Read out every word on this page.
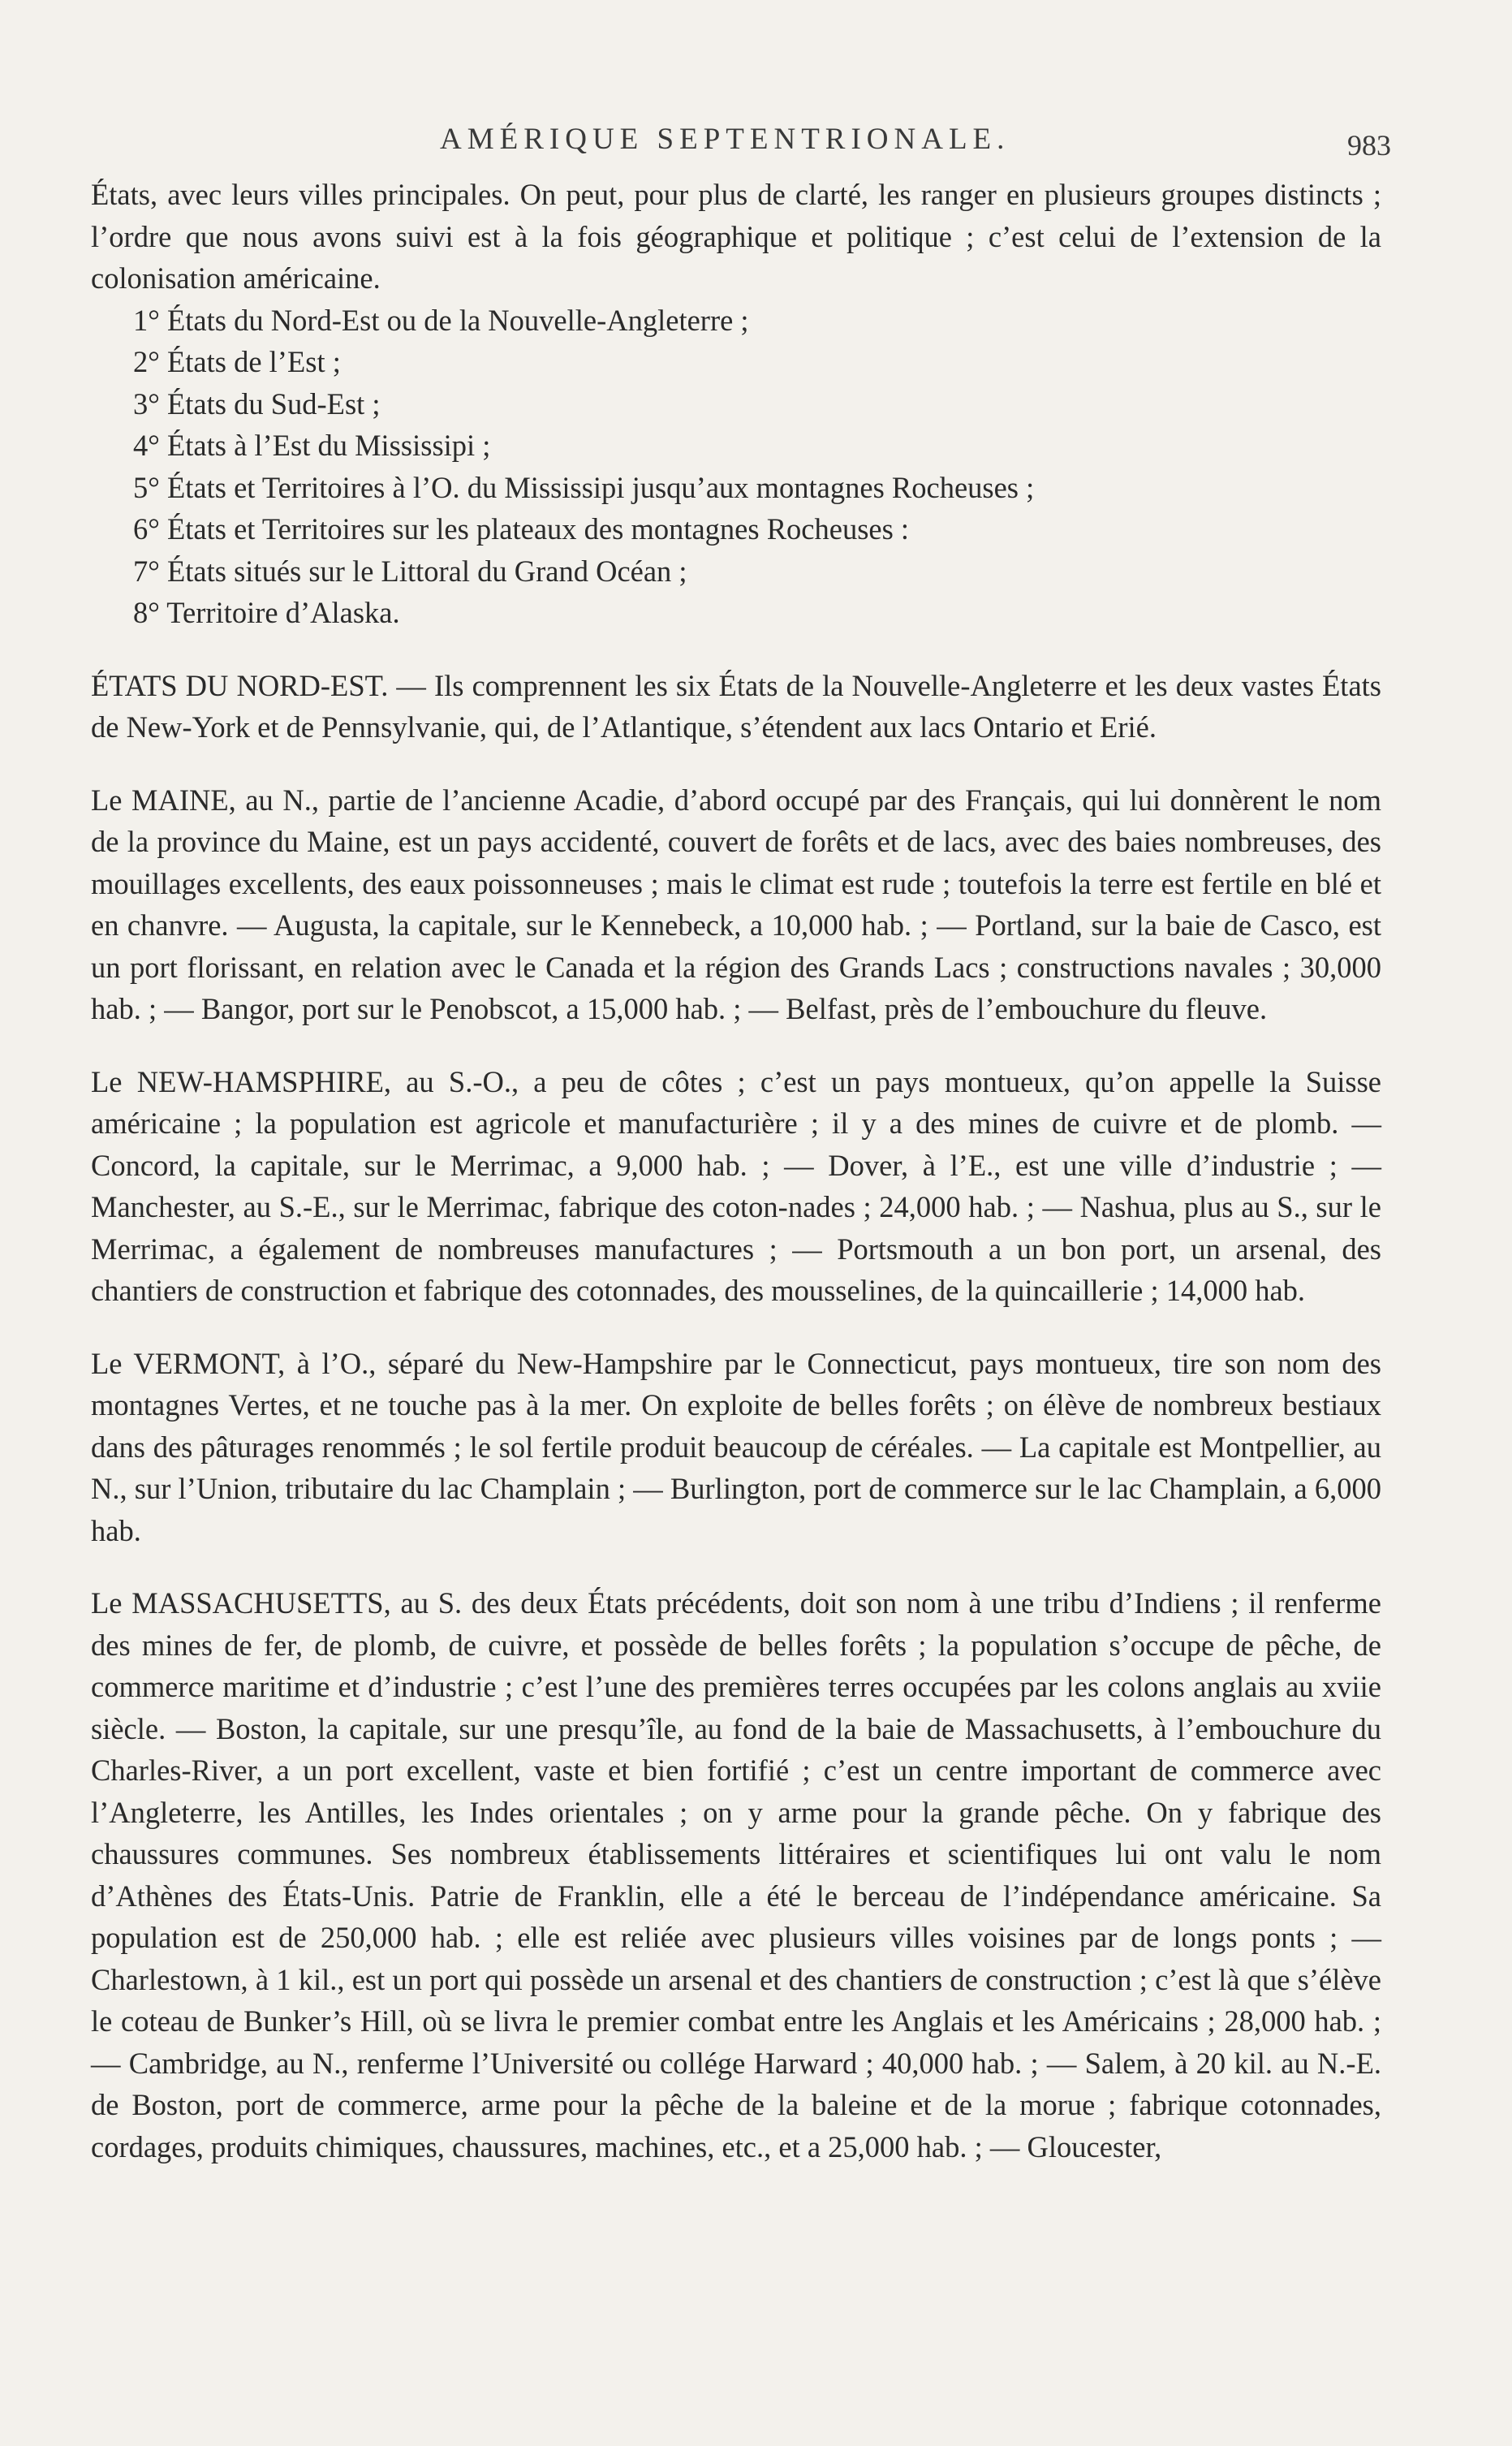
AMÉRIQUE SEPTENTRIONALE.	983

États, avec leurs villes principales. On peut, pour plus de clarté, les ranger en plusieurs groupes distincts ; l’ordre que nous avons suivi est à la fois géographique et politique ; c’est celui de l’extension de la colonisation américaine.

1° États du Nord-Est ou de la Nouvelle-Angleterre ;
2° États de l’Est ;
3° États du Sud-Est ;
4° États à l’Est du Mississipi ;
5° États et Territoires à l’O. du Mississipi jusqu’aux montagnes Rocheuses ;
6° États et Territoires sur les plateaux des montagnes Rocheuses :
7° États situés sur le Littoral du Grand Océan ;
8° Territoire d’Alaska.

ÉTATS DU NORD-EST. — Ils comprennent les six États de la Nouvelle-Angleterre et les deux vastes États de New-York et de Pennsylvanie, qui, de l’Atlantique, s’étendent aux lacs Ontario et Erié.

Le MAINE, au N., partie de l’ancienne Acadie, d’abord occupé par des Français, qui lui donnèrent le nom de la province du Maine, est un pays accidenté, couvert de forêts et de lacs, avec des baies nombreuses, des mouillages excellents, des eaux poissonneuses ; mais le climat est rude ; toutefois la terre est fertile en blé et en chanvre. — Augusta, la capitale, sur le Kennebeck, a 10,000 hab. ; — Portland, sur la baie de Casco, est un port florissant, en relation avec le Canada et la région des Grands Lacs ; constructions navales ; 30,000 hab. ; — Bangor, port sur le Penobscot, a 15,000 hab. ; — Belfast, près de l’embouchure du fleuve.

Le NEW-HAMSPHIRE, au S.-O., a peu de côtes ; c’est un pays montueux, qu’on appelle la Suisse américaine ; la population est agricole et manufacturière ; il y a des mines de cuivre et de plomb. — Concord, la capitale, sur le Merrimac, a 9,000 hab. ; — Dover, à l’E., est une ville d’industrie ; — Manchester, au S.-E., sur le Merrimac, fabrique des coton-nades ; 24,000 hab. ; — Nashua, plus au S., sur le Merrimac, a également de nombreuses manufactures ; — Portsmouth a un bon port, un arsenal, des chantiers de construction et fabrique des cotonnades, des mousselines, de la quincaillerie ; 14,000 hab.

Le VERMONT, à l’O., séparé du New-Hampshire par le Connecticut, pays montueux, tire son nom des montagnes Vertes, et ne touche pas à la mer. On exploite de belles forêts ; on élève de nombreux bestiaux dans des pâturages renommés ; le sol fertile produit beaucoup de céréales. — La capitale est Montpellier, au N., sur l’Union, tributaire du lac Champlain ; — Burlington, port de commerce sur le lac Champlain, a 6,000 hab.

Le MASSACHUSETTS, au S. des deux États précédents, doit son nom à une tribu d’Indiens ; il renferme des mines de fer, de plomb, de cuivre, et possède de belles forêts ; la population s’occupe de pêche, de commerce maritime et d’industrie ; c’est l’une des premières terres occupées par les colons anglais au xviie siècle. — Boston, la capitale, sur une presqu’île, au fond de la baie de Massachusetts, à l’embouchure du Charles-River, a un port excellent, vaste et bien fortifié ; c’est un centre important de commerce avec l’Angleterre, les Antilles, les Indes orientales ; on y arme pour la grande pêche. On y fabrique des chaussures communes. Ses nombreux établissements littéraires et scientifiques lui ont valu le nom d’Athènes des États-Unis. Patrie de Franklin, elle a été le berceau de l’indépendance américaine. Sa population est de 250,000 hab. ; elle est reliée avec plusieurs villes voisines par de longs ponts ; — Charlestown, à 1 kil., est un port qui possède un arsenal et des chantiers de construction ; c’est là que s’élève le coteau de Bunker’s Hill, où se livra le premier combat entre les Anglais et les Américains ; 28,000 hab. ; — Cambridge, au N., renferme l’Université ou collége Harward ; 40,000 hab. ; — Salem, à 20 kil. au N.-E. de Boston, port de commerce, arme pour la pêche de la baleine et de la morue ; fabrique cotonnades, cordages, produits chimiques, chaussures, machines, etc., et a 25,000 hab. ; — Gloucester,
